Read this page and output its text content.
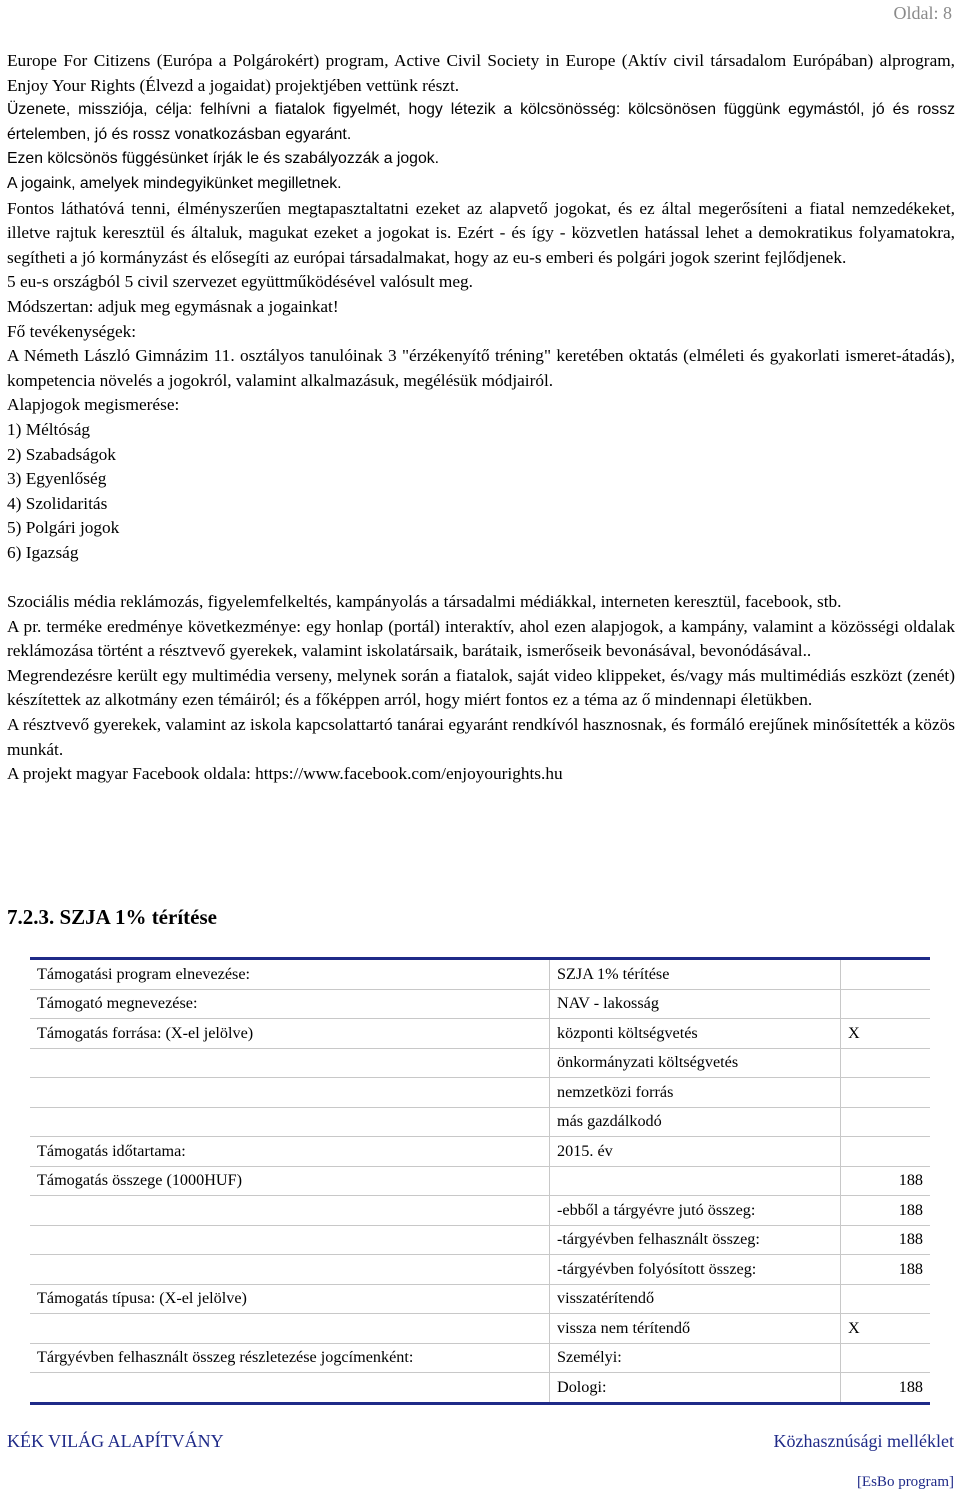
Oldal: 8

Europe For Citizens (Európa a Polgárokért) program, Active Civil Society in Europe (Aktív civil társadalom Európában) alprogram, Enjoy Your Rights (Élvezd a jogaidat) projektjében vettünk részt.

Üzenete, missziója, célja: felhívni a fiatalok figyelmét, hogy létezik a kölcsönösség: kölcsönösen függünk egymástól, jó és rossz értelemben, jó és rossz vonatkozásban egyaránt.

Ezen kölcsönös függésünket írják le és szabályozzák a jogok.

A jogaink, amelyek mindegyikünket megilletnek.

Fontos láthatóvá tenni, élményszerűen megtapasztaltatni ezeket az alapvető jogokat, és ez által megerősíteni a fiatal nemzedékeket, illetve rajtuk keresztül és általuk, magukat ezeket a jogokat is. Ezért - és így - közvetlen hatással lehet a demokratikus folyamatokra, segítheti a jó kormányzást és elősegíti az európai társadalmakat, hogy az eu-s emberi és polgári jogok szerint fejlődjenek.

5 eu-s országból 5 civil szervezet együttműködésével valósult meg.

Módszertan: adjuk meg egymásnak a jogainkat!

Fő tevékenységek:

A Németh László Gimnázim 11. osztályos tanulóinak 3 "érzékenyítő tréning" keretében oktatás (elméleti és gyakorlati ismeret-átadás), kompetencia növelés a jogokról, valamint alkalmazásuk, megélésük módjairól.

Alapjogok megismerése:

1) Méltóság

2) Szabadságok

3) Egyenlőség

4) Szolidaritás

5) Polgári jogok

6) Igazság

Szociális média reklámozás, figyelemfelkeltés, kampányolás a társadalmi médiákkal, interneten keresztül, facebook, stb.

A pr. terméke eredménye következménye: egy honlap (portál) interaktív, ahol ezen alapjogok, a kampány, valamint a közösségi oldalak reklámozása történt a résztvevő gyerekek, valamint iskolatársaik, barátaik, ismerőseik bevonásával, bevonódásával..

Megrendezésre került egy multimédia verseny, melynek során a fiatalok, saját video klippeket, és/vagy más multimédiás eszközt (zenét) készítettek az alkotmány ezen témáiról; és a főképpen arról, hogy miért fontos ez a téma az ő mindennapi életükben.

A résztvevő gyerekek, valamint az iskola kapcsolattartó tanárai egyaránt rendkívól hasznosnak, és formáló erejűnek minősítették a közös munkát.

A projekt magyar Facebook oldala: https://www.facebook.com/enjoyourights.hu

7.2.3. SZJA 1% térítése
Támogatási program elnevezése:	SZJA 1% térítése	
Támogató megnevezése:	NAV - lakosság	
Támogatás forrása: (X-el jelölve)	központi költségvetés	X
	önkormányzati költségvetés	
	nemzetközi forrás	
	más gazdálkodó	
Támogatás időtartama:	2015. év	
Támogatás összege (1000HUF)		188
	-ebből a tárgyévre jutó összeg:	188
	-tárgyévben felhasznált összeg:	188
	-tárgyévben folyósított összeg:	188
Támogatás típusa: (X-el jelölve)	visszatérítendő	
	vissza nem térítendő	X
Tárgyévben felhasznált összeg részletezése jogcímenként:	Személyi:	
	Dologi:	188
KÉK VILÁG ALAPÍTVÁNY	Közhasznúsági melléklet
[EsBo program]
